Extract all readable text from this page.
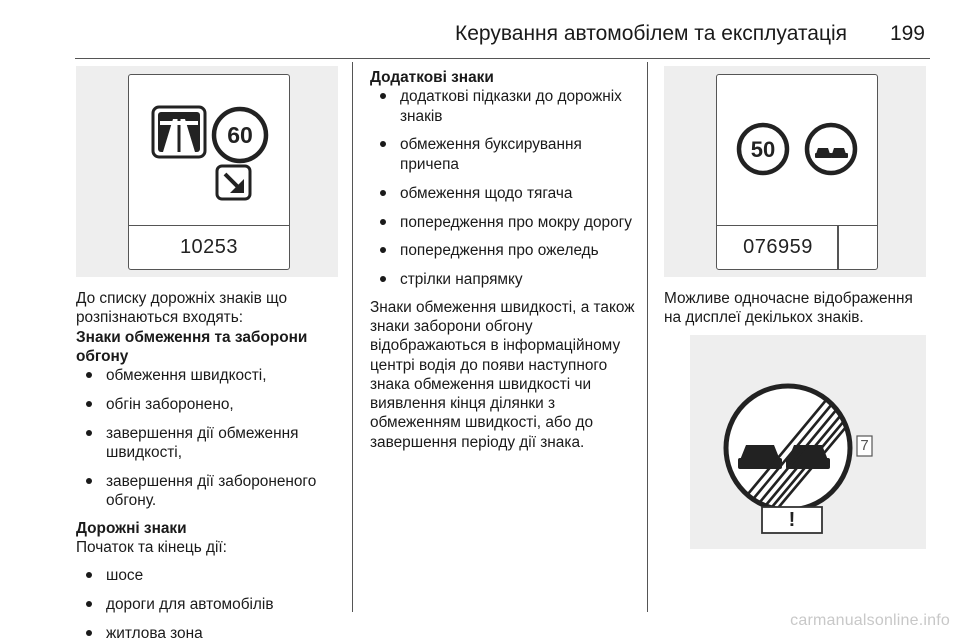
Керування автомобілем та експлуатація	199
60
10253

До списку дорожніх знаків що розпізнаються входять:

Знаки обмеження та заборони обгону

обмеження швидкості,
обгін заборонено,
завершення дії обмеження швидкості,
завершення дії забороненого обгону.

Дорожні знаки

Початок та кінець дії:

шосе
дороги для автомобілів
житлова зона

Додаткові знаки

додаткові підказки до дорожніх знаків
обмеження буксирування причепа
обмеження щодо тягача
попередження про мокру дорогу
попередження про ожеледь
стрілки напрямку

Знаки обмеження швидкості, а також знаки заборони обгону відображаються в інформаційному центрі водія до появи наступного знака обмеження швидкості чи виявлення кінця ділянки з обмеженням швидкості, або до завершення періоду дії знака.

50
076959

Можливе одночасне відображення на дисплеї декількох знаків.

7
!
carmanualsonline.info
